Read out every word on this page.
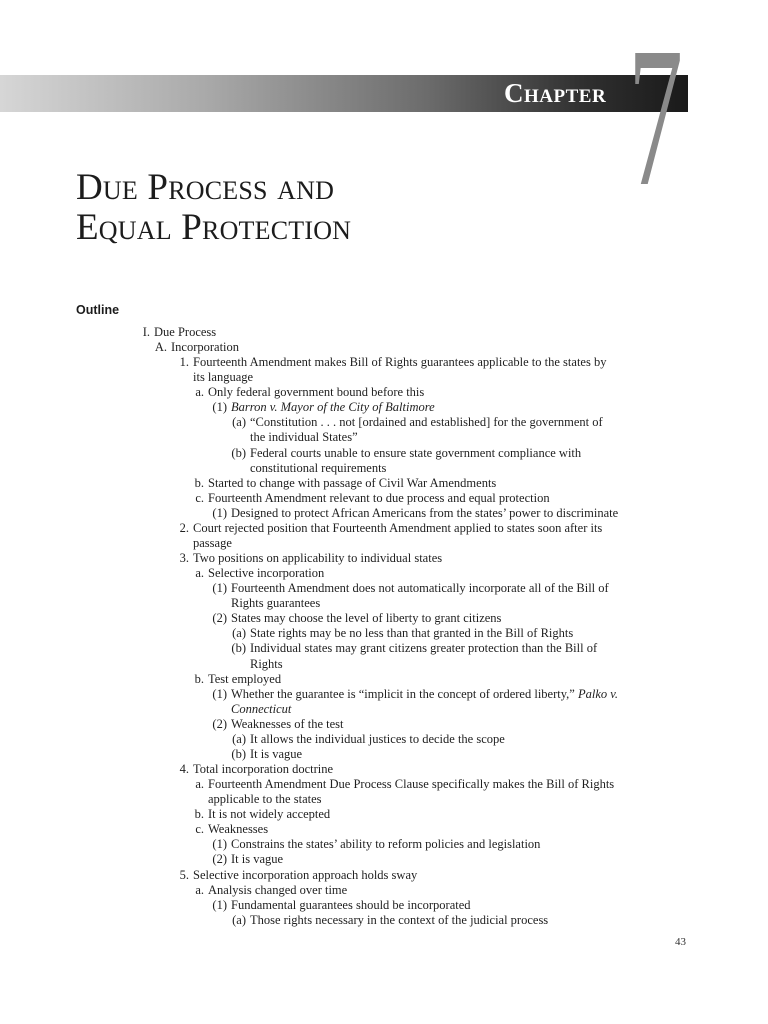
7
Chapter
Due Process and
Equal Protection
Outline
I. Due Process
A. Incorporation
1. Fourteenth Amendment makes Bill of Rights guarantees applicable to the states by
its language
a. Only federal government bound before this
(1) Barron v. Mayor of the City of Baltimore
(a) “Constitution . . . not [ordained and established] for the government of
the individual States”
(b) Federal courts unable to ensure state government compliance with
constitutional requirements
b. Started to change with passage of Civil War Amendments
c. Fourteenth Amendment relevant to due process and equal protection
(1) Designed to protect African Americans from the states’ power to discriminate
2. Court rejected position that Fourteenth Amendment applied to states soon after its
passage
3. Two positions on applicability to individual states
a. Selective incorporation
(1) Fourteenth Amendment does not automatically incorporate all of the Bill of
Rights guarantees
(2) States may choose the level of liberty to grant citizens
(a) State rights may be no less than that granted in the Bill of Rights
(b) Individual states may grant citizens greater protection than the Bill of
Rights
b. Test employed
(1) Whether the guarantee is “implicit in the concept of ordered liberty,” Palko v.
Connecticut
(2) Weaknesses of the test
(a) It allows the individual justices to decide the scope
(b) It is vague
4. Total incorporation doctrine
a. Fourteenth Amendment Due Process Clause specifically makes the Bill of Rights
applicable to the states
b. It is not widely accepted
c. Weaknesses
(1) Constrains the states’ ability to reform policies and legislation
(2) It is vague
5. Selective incorporation approach holds sway
a. Analysis changed over time
(1) Fundamental guarantees should be incorporated
(a) Those rights necessary in the context of the judicial process
43
